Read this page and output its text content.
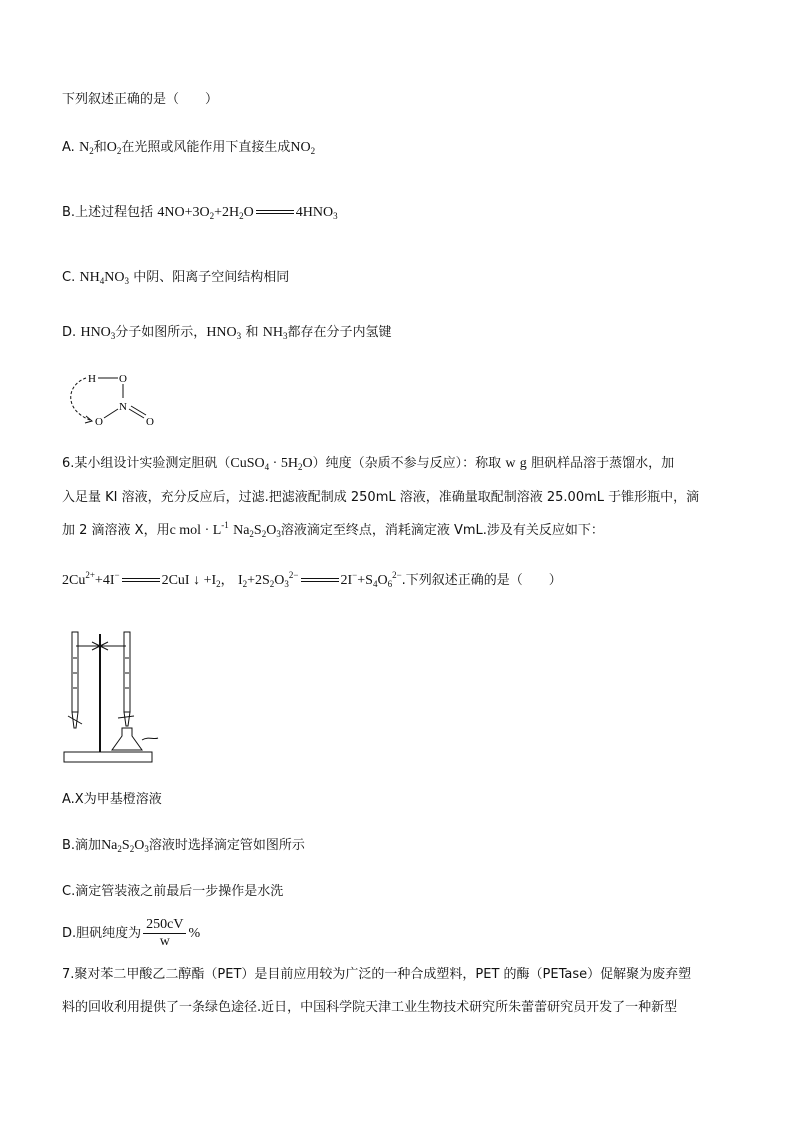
下列叙述正确的是（　　）
A. $N_2$和$O_2$在光照或风能作用下直接生成$NO_2$
B.上述过程包括 $4NO+3O_2+2H_2O$	$4HNO_3$
C. $NH_4NO_3$ 中阴、阳离子空间结构相同
D. $HNO_3$分子如图所示，$HNO_3$ 和 $NH_3$都存在分子内氢键
H O
N
O	O
6.某小组设计实验测定胆矾（CuSO$_4$ · $5H_2O$）纯度（杂质不参与反应）：称取 w g 胆矾样品溶于蒸馏水，加
入足量 KI 溶液，充分反应后，过滤.把滤液配制成 250mL 溶液，准确量取配制溶液 25.00mL 于锥形瓶中，滴
加 2 滴溶液 X，用c mol · $L^{-1}$ $Na_2S_2O_3$溶液滴定至终点，消耗滴定液 VmL.涉及有关反应如下：
$2Cu^{2+}+4I^-$	2CuI ↓ $+I_2$， $I_2+2S_2O_3^{2-}$	$2I^-+S_4O_6^{2-}$.下列叙述正确的是（　　）
A.X为甲基橙溶液
B.滴加$Na_2S_2O_3$溶液时选择滴定管如图所示
C.滴定管装液之前最后一步操作是水洗
D.胆矾纯度为 $\frac{250cV}{w}$ %
7.聚对苯二甲酸乙二醇酯（PET）是目前应用较为广泛的一种合成塑料，PET 的酶（PETase）促解聚为废弃塑
料的回收利用提供了一条绿色途径.近日，中国科学院天津工业生物技术研究所朱蕾蕾研究员开发了一种新型
